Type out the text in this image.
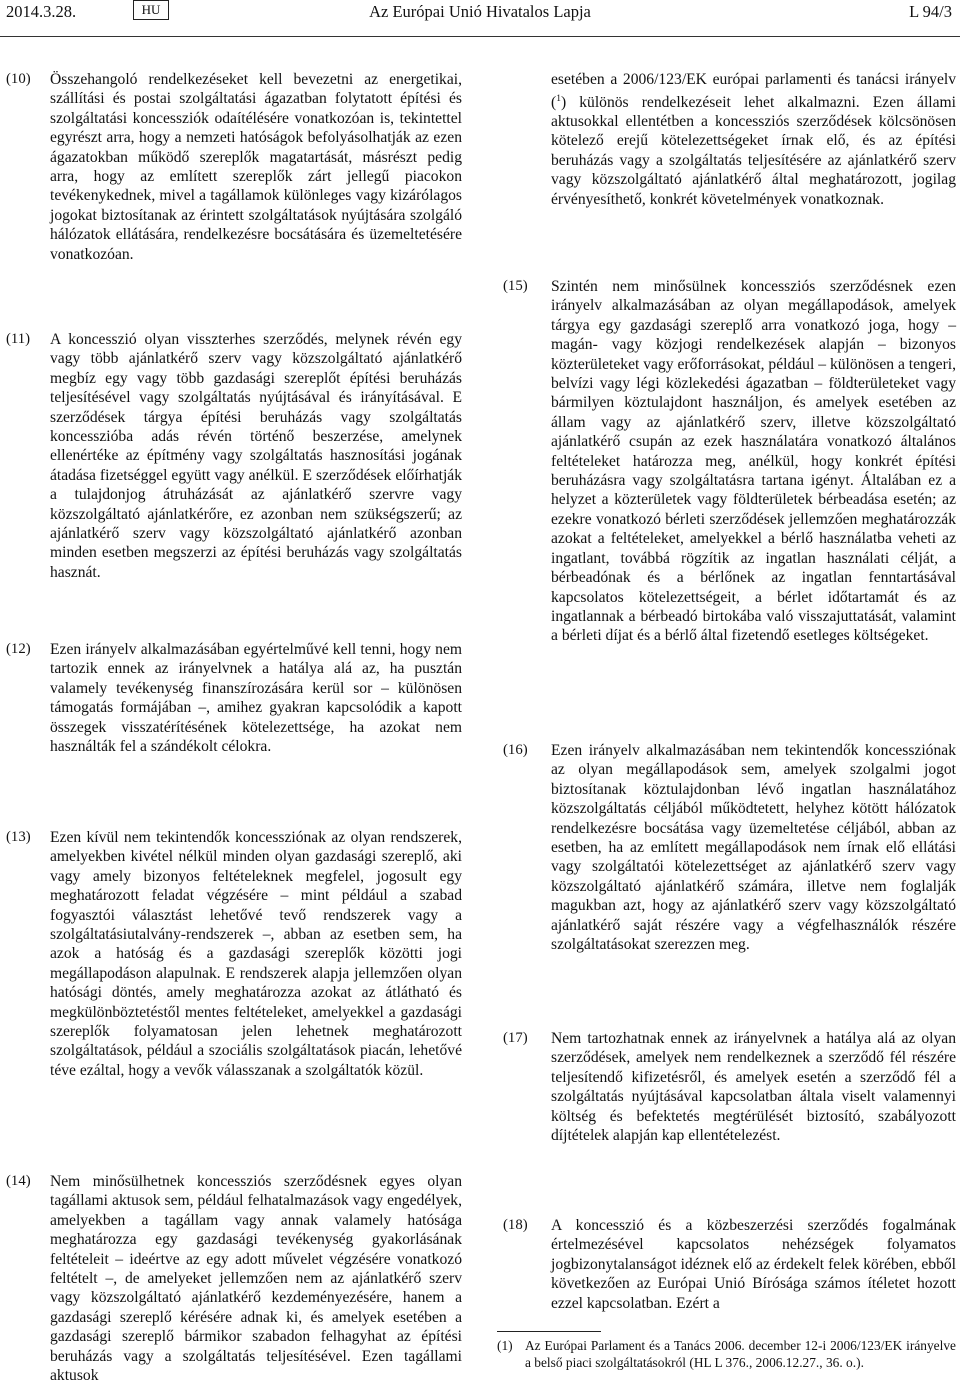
2014.3.28.	HU	Az Európai Unió Hivatalos Lapja	L 94/3
(10) Összehangoló rendelkezéseket kell bevezetni az energetikai, szállítási és postai szolgáltatási ágazatban folytatott építési és szolgáltatási koncessziók odaítélésére vonatkozóan is, tekintettel egyrészt arra, hogy a nemzeti hatóságok befolyásolhatják az ezen ágazatokban működő szereplők magatartását, másrészt pedig arra, hogy az említett szereplők zárt jellegű piacokon tevékenykednek, mivel a tagállamok különleges vagy kizárólagos jogokat biztosítanak az érintett szolgáltatások nyújtására szolgáló hálózatok ellátására, rendelkezésre bocsátására és üzemeltetésére vonatkozóan.
(11) A koncesszió olyan visszterhes szerződés, melynek révén egy vagy több ajánlatkérő szerv vagy közszolgáltató ajánlatkérő megbíz egy vagy több gazdasági szereplőt építési beruházás teljesítésével vagy szolgáltatás nyújtásával és irányításával. E szerződések tárgya építési beruházás vagy szolgáltatás koncesszióba adás révén történő beszerzése, amelynek ellenértéke az építmény vagy szolgáltatás hasznosítási jogának átadása fizetséggel együtt vagy anélkül. E szerződések előírhatják a tulajdonjog átruházását az ajánlatkérő szervre vagy közszolgáltató ajánlatkérőre, ez azonban nem szükségszerű; az ajánlatkérő szerv vagy közszolgáltató ajánlatkérő azonban minden esetben megszerzi az építési beruházás vagy szolgáltatás hasznát.
(12) Ezen irányelv alkalmazásában egyértelművé kell tenni, hogy nem tartozik ennek az irányelvnek a hatálya alá az, ha pusztán valamely tevékenység finanszírozására kerül sor – különösen támogatás formájában –, amihez gyakran kapcsolódik a kapott összegek visszatérítésének kötelezettsége, ha azokat nem használták fel a szándékolt célokra.
(13) Ezen kívül nem tekintendők koncessziónak az olyan rendszerek, amelyekben kivétel nélkül minden olyan gazdasági szereplő, aki vagy amely bizonyos feltételeknek megfelel, jogosult egy meghatározott feladat végzésére – mint például a szabad fogyasztói választást lehetővé tevő rendszerek vagy a szolgáltatásiutalvány-rendszerek –, abban az esetben sem, ha azok a hatóság és a gazdasági szereplők közötti jogi megállapodáson alapulnak. E rendszerek alapja jellemzően olyan hatósági döntés, amely meghatározza azokat az átlátható és megkülönböztetéstől mentes feltételeket, amelyekkel a gazdasági szereplők folyamatosan jelen lehetnek meghatározott szolgáltatások, például a szociális szolgáltatások piacán, lehetővé téve ezáltal, hogy a vevők válasszanak a szolgáltatók közül.
(14) Nem minősülhetnek koncessziós szerződésnek egyes olyan tagállami aktusok sem, például felhatalmazások vagy engedélyek, amelyekben a tagállam vagy annak valamely hatósága meghatározza egy gazdasági tevékenység gyakorlásának feltételeit – ideértve az egy adott művelet végzésére vonatkozó feltételt –, de amelyeket jellemzően nem az ajánlatkérő szerv vagy közszolgáltató ajánlatkérő kezdeményezésére, hanem a gazdasági szereplő kérésére adnak ki, és amelyek esetében a gazdasági szereplő bármikor szabadon felhagyhat az építési beruházás vagy a szolgáltatás teljesítésével. Ezen tagállami aktusok
esetében a 2006/123/EK európai parlamenti és tanácsi irányelv ($^1$) különös rendelkezéseit lehet alkalmazni. Ezen állami aktusokkal ellentétben a koncessziós szerződések kölcsönösen kötelező erejű kötelezettségeket írnak elő, és az építési beruházás vagy a szolgáltatás teljesítésére az ajánlatkérő szerv vagy közszolgáltató ajánlatkérő által meghatározott, jogilag érvényesíthető, konkrét követelmények vonatkoznak.
(15) Szintén nem minősülnek koncessziós szerződésnek ezen irányelv alkalmazásában az olyan megállapodások, amelyek tárgya egy gazdasági szereplő arra vonatkozó joga, hogy – magán- vagy közjogi rendelkezések alapján – bizonyos közterületeket vagy erőforrásokat, például – különösen a tengeri, belvízi vagy légi közlekedési ágazatban – földterületeket vagy bármilyen köztulajdont használjon, és amelyek esetében az állam vagy az ajánlatkérő szerv, illetve közszolgáltató ajánlatkérő csupán az ezek használatára vonatkozó általános feltételeket határozza meg, anélkül, hogy konkrét építési beruházásra vagy szolgáltatásra tartana igényt. Általában ez a helyzet a közterületek vagy földterületek bérbeadása esetén; az ezekre vonatkozó bérleti szerződések jellemzően meghatározzák azokat a feltételeket, amelyekkel a bérlő használatba veheti az ingatlant, továbbá rögzítik az ingatlan használati célját, a bérbeadónak és a bérlőnek az ingatlan fenntartásával kapcsolatos kötelezettségeit, a bérlet időtartamát és az ingatlannak a bérbeadó birtokába való visszajuttatását, valamint a bérleti díjat és a bérlő által fizetendő esetleges költségeket.
(16) Ezen irányelv alkalmazásában nem tekintendők koncessziónak az olyan megállapodások sem, amelyek szolgalmi jogot biztosítanak köztulajdonban lévő ingatlan használatához közszolgáltatás céljából működtetett, helyhez kötött hálózatok rendelkezésre bocsátása vagy üzemeltetése céljából, abban az esetben, ha az említett megállapodások nem írnak elő ellátási vagy szolgáltatói kötelezettséget az ajánlatkérő szerv vagy közszolgáltató ajánlatkérő számára, illetve nem foglalják magukban azt, hogy az ajánlatkérő szerv vagy közszolgáltató ajánlatkérő saját részére vagy a végfelhasználók részére szolgáltatásokat szerezzen meg.
(17) Nem tartozhatnak ennek az irányelvnek a hatálya alá az olyan szerződések, amelyek nem rendelkeznek a szerződő fél részére teljesítendő kifizetésről, és amelyek esetén a szerződő fél a szolgáltatás nyújtásával kapcsolatban általa viselt valamennyi költség és befektetés megtérülését biztosító, szabályozott díjtételek alapján kap ellentételezést.
(18) A koncesszió és a közbeszerzési szerződés fogalmának értelmezésével kapcsolatos nehézségek folyamatos jogbizonytalanságot idéznek elő az érdekelt felek körében, ebből következően az Európai Unió Bírósága számos ítéletet hozott ezzel kapcsolatban. Ezért a
(1) Az Európai Parlament és a Tanács 2006. december 12-i 2006/123/EK irányelve a belső piaci szolgáltatásokról (HL L 376., 2006.12.27., 36. o.).
